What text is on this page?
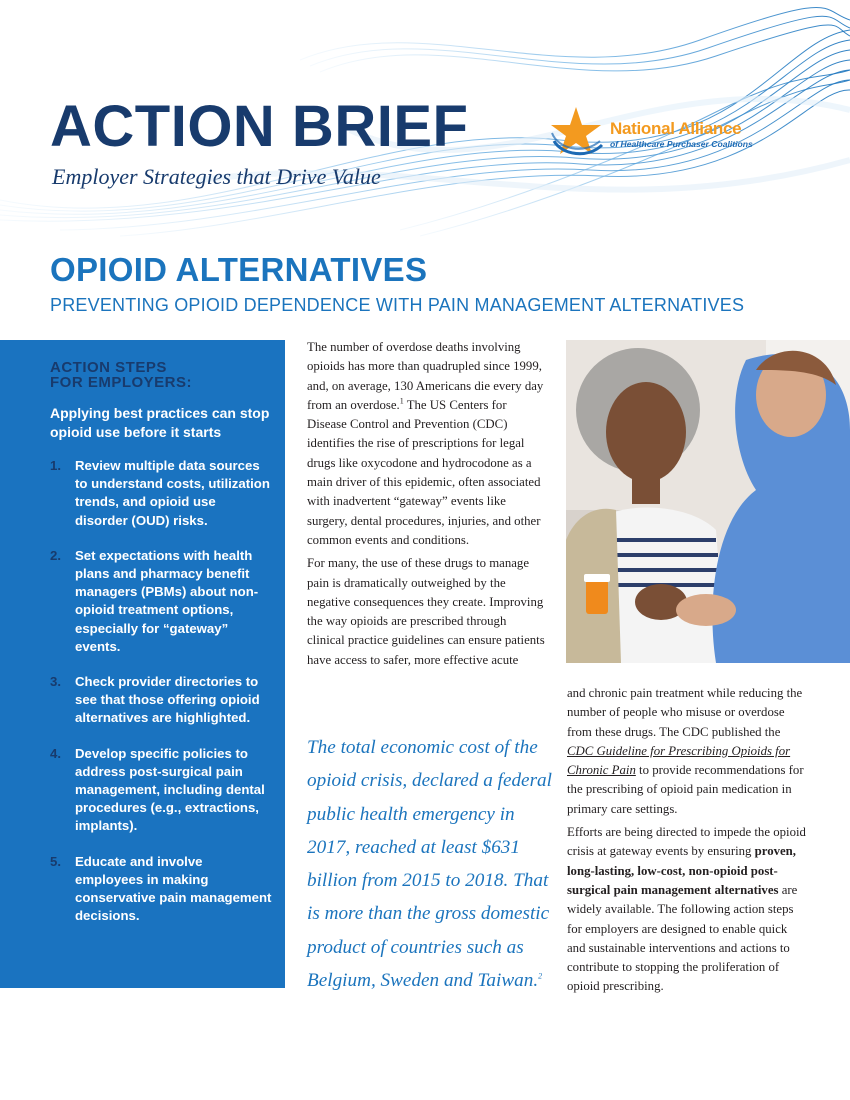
ACTION BRIEF
Employer Strategies that Drive Value
National Alliance
of Healthcare Purchaser Coalitions
OPIOID ALTERNATIVES
PREVENTING OPIOID DEPENDENCE WITH PAIN MANAGEMENT ALTERNATIVES
ACTION STEPS
FOR EMPLOYERS:
Applying best practices can stop opioid use before it starts
1. Review multiple data sources to understand costs, utilization trends, and opioid use disorder (OUD) risks.
2. Set expectations with health plans and pharmacy benefit managers (PBMs) about non-opioid treatment options, especially for “gateway” events.
3. Check provider directories to see that those offering opioid alternatives are highlighted.
4. Develop specific policies to address post-surgical pain management, including dental procedures (e.g., extractions, implants).
5. Educate and involve employees in making conservative pain management decisions.

The number of overdose deaths involving opioids has more than quadrupled since 1999, and, on average, 130 Americans die every day from an overdose.$^1$ The US Centers for Disease Control and Prevention (CDC) identifies the rise of prescriptions for legal drugs like oxycodone and hydrocodone as a main driver of this epidemic, often associated with inadvertent “gateway” events like surgery, dental procedures, injuries, and other common events and conditions.

For many, the use of these drugs to manage pain is dramatically outweighed by the negative consequences they create. Improving the way opioids are prescribed through clinical practice guidelines can ensure patients have access to safer, more effective acute

The total economic cost of the opioid crisis, declared a federal public health emergency in 2017, reached at least $631 billion from 2015 to 2018. That is more than the gross domestic product of countries such as Belgium, Sweden and Taiwan.$^2$

and chronic pain treatment while reducing the number of people who misuse or overdose from these drugs. The CDC published the CDC Guideline for Prescribing Opioids for Chronic Pain to provide recommendations for the prescribing of opioid pain medication in primary care settings.

Efforts are being directed to impede the opioid crisis at gateway events by ensuring proven, long-lasting, low-cost, non-opioid post-surgical pain management alternatives are widely available. The following action steps for employers are designed to enable quick and sustainable interventions and actions to contribute to stopping the proliferation of opioid prescribing.
